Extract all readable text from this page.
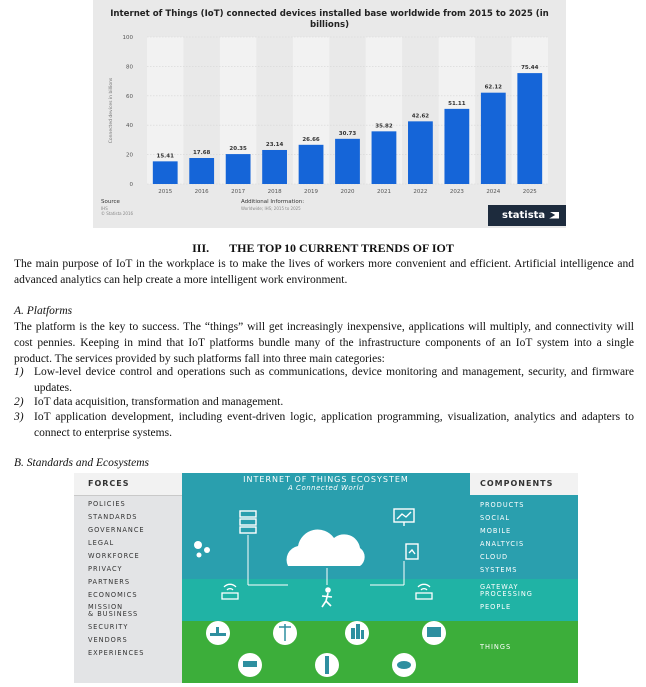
0
20
40
60
80
100
Connected devices in billions
15.41
2015
17.68
2016
20.35
2017
23.14
2018
26.66
2019
30.73
2020
35.82
2021
42.62
2022
51.11
2023
62.12
2024
75.44
2025
Internet of Things (IoT) connected devices installed base worldwide from 2015 to 2025 (in billions)
Source
IHS
© Statista 2016
Additional Information:
Worldwide; IHS; 2015 to 2025
statista
III. THE TOP 10 CURRENT TRENDS OF IOT
The main purpose of IoT in the workplace is to make the lives of workers more convenient and efficient. Artificial intelligence and advanced analytics can help create a more intelligent work environment.
A. Platforms
The platform is the key to success. The “things” will get increasingly inexpensive, applications will multiply, and connectivity will cost pennies. Keeping in mind that IoT platforms bundle many of the infrastructure components of an IoT system into a single product. The services provided by such platforms fall into three main categories:
1) Low-level device control and operations such as communications, device monitoring and management, security, and firmware updates.
2) IoT data acquisition, transformation and management.
3) IoT application development, including event-driven logic, application programming, visualization, analytics and adapters to connect to enterprise systems.
B. Standards and Ecosystems
FORCES
POLICIES
STANDARDS
GOVERNANCE
LEGAL
WORKFORCE
PRIVACY
PARTNERS
ECONOMICS
MISSION
& BUSINESS
SECURITY
VENDORS
EXPERIENCES
INTERNET OF THINGS ECOSYSTEM
A Connected World	COMPONENTS
PRODUCTS
SOCIAL
MOBILE
ANALTYCIS
CLOUD
SYSTEMS
GATEWAY
PROCESSING
PEOPLE
THINGS
